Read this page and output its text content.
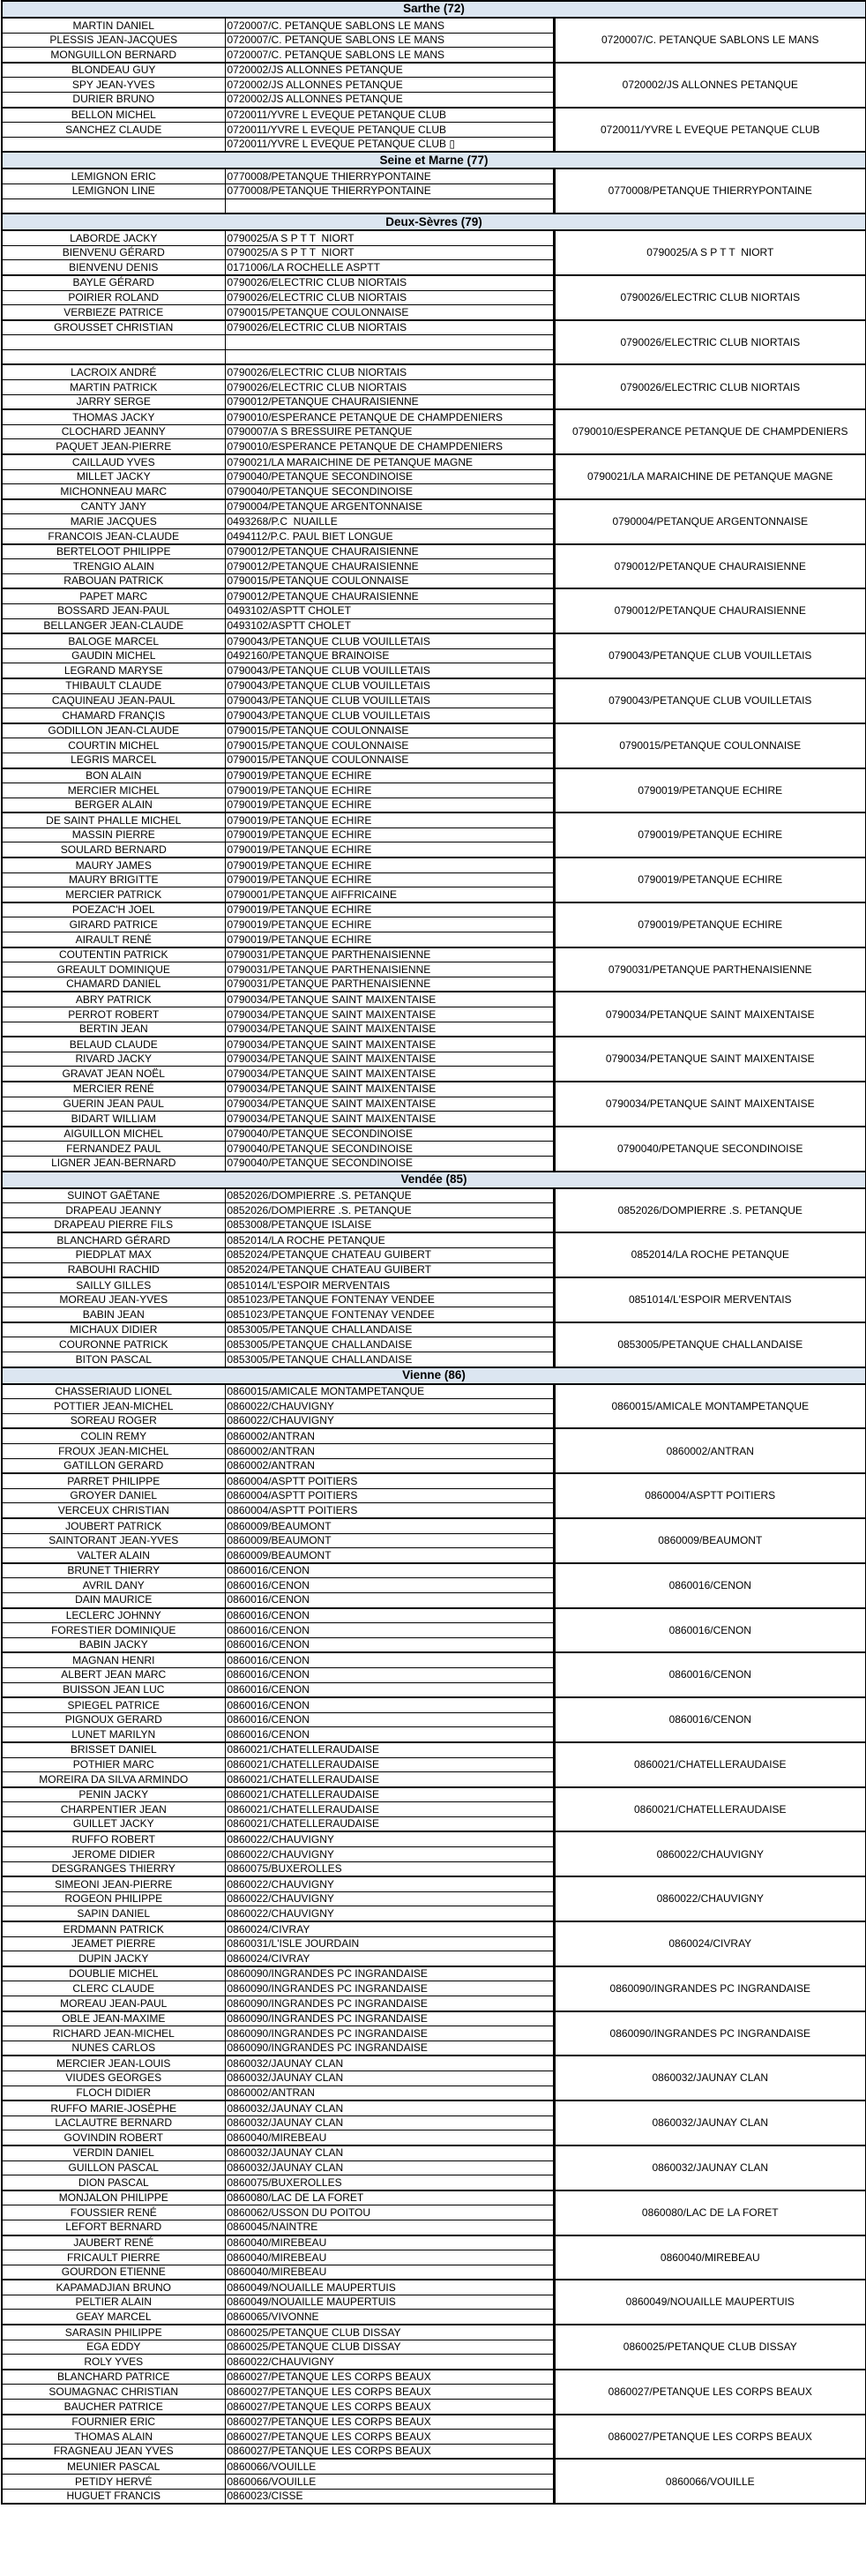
Sarthe (72)		
MARTIN DANIEL	0720007/C. PETANQUE SABLONS LE MANS	0720007/C. PETANQUE SABLONS LE MANS
PLESSIS JEAN-JACQUES	0720007/C. PETANQUE SABLONS LE MANS	
MONGUILLON BERNARD	0720007/C. PETANQUE SABLONS LE MANS	
BLONDEAU GUY	0720002/JS ALLONNES PETANQUE	0720002/JS ALLONNES PETANQUE
SPY JEAN-YVES	0720002/JS ALLONNES PETANQUE	
DURIER BRUNO	0720002/JS ALLONNES PETANQUE	
BELLON MICHEL	0720011/YVRE L EVEQUE PETANQUE CLUB	0720011/YVRE L EVEQUE PETANQUE CLUB
SANCHEZ CLAUDE	0720011/YVRE L EVEQUE PETANQUE CLUB	
	0720011/YVRE L EVEQUE PETANQUE CLUB ▯	
Seine et Marne (77)		
LEMIGNON ERIC	0770008/PETANQUE THIERRYPONTAINE	0770008/PETANQUE THIERRYPONTAINE
LEMIGNON LINE	0770008/PETANQUE THIERRYPONTAINE	

Deux-Sèvres (79)		
LABORDE JACKY	0790025/A S P T T  NIORT	0790025/A S P T T  NIORT
BIENVENU GÉRARD	0790025/A S P T T  NIORT	
BIENVENU DENIS	0171006/LA ROCHELLE ASPTT	
BAYLE GÉRARD	0790026/ELECTRIC CLUB NIORTAIS	0790026/ELECTRIC CLUB NIORTAIS
POIRIER ROLAND	0790026/ELECTRIC CLUB NIORTAIS	
VERBIEZE PATRICE	0790015/PETANQUE COULONNAISE	
GROUSSET CHRISTIAN	0790026/ELECTRIC CLUB NIORTAIS	0790026/ELECTRIC CLUB NIORTAIS

LACROIX ANDRÉ	0790026/ELECTRIC CLUB NIORTAIS	0790026/ELECTRIC CLUB NIORTAIS
MARTIN PATRICK	0790026/ELECTRIC CLUB NIORTAIS	
JARRY SERGE	0790012/PETANQUE CHAURAISIENNE	
THOMAS JACKY	0790010/ESPERANCE PETANQUE DE CHAMPDENIERS	0790010/ESPERANCE PETANQUE DE CHAMPDENIERS
CLOCHARD JEANNY	0790007/A S BRESSUIRE PETANQUE	
PAQUET JEAN-PIERRE	0790010/ESPERANCE PETANQUE DE CHAMPDENIERS	
CAILLAUD YVES	0790021/LA MARAICHINE DE PETANQUE MAGNE	0790021/LA MARAICHINE DE PETANQUE MAGNE
MILLET JACKY	0790040/PETANQUE SECONDINOISE	
MICHONNEAU MARC	0790040/PETANQUE SECONDINOISE	
CANTY JANY	0790004/PETANQUE ARGENTONNAISE	0790004/PETANQUE ARGENTONNAISE
MARIE JACQUES	0493268/P.C  NUAILLE	
FRANCOIS JEAN-CLAUDE	0494112/P.C. PAUL BIET LONGUE	
BERTELOOT PHILIPPE	0790012/PETANQUE CHAURAISIENNE	0790012/PETANQUE CHAURAISIENNE
TRENGIO ALAIN	0790012/PETANQUE CHAURAISIENNE	
RABOUAN PATRICK	0790015/PETANQUE COULONNAISE	
PAPET MARC	0790012/PETANQUE CHAURAISIENNE	0790012/PETANQUE CHAURAISIENNE
BOSSARD JEAN-PAUL	0493102/ASPTT CHOLET	
BELLANGER JEAN-CLAUDE	0493102/ASPTT CHOLET	
BALOGE MARCEL	0790043/PETANQUE CLUB VOUILLETAIS	0790043/PETANQUE CLUB VOUILLETAIS
GAUDIN MICHEL	0492160/PETANQUE BRAINOISE	
LEGRAND MARYSE	0790043/PETANQUE CLUB VOUILLETAIS	
THIBAULT CLAUDE	0790043/PETANQUE CLUB VOUILLETAIS	0790043/PETANQUE CLUB VOUILLETAIS
CAQUINEAU JEAN-PAUL	0790043/PETANQUE CLUB VOUILLETAIS	
CHAMARD FRANÇIS	0790043/PETANQUE CLUB VOUILLETAIS	
GODILLON JEAN-CLAUDE	0790015/PETANQUE COULONNAISE	0790015/PETANQUE COULONNAISE
COURTIN MICHEL	0790015/PETANQUE COULONNAISE	
LEGRIS MARCEL	0790015/PETANQUE COULONNAISE	
BON ALAIN	0790019/PETANQUE ECHIRE	0790019/PETANQUE ECHIRE
MERCIER MICHEL	0790019/PETANQUE ECHIRE	
BERGER ALAIN	0790019/PETANQUE ECHIRE	
DE SAINT PHALLE MICHEL	0790019/PETANQUE ECHIRE	0790019/PETANQUE ECHIRE
MASSIN PIERRE	0790019/PETANQUE ECHIRE	
SOULARD BERNARD	0790019/PETANQUE ECHIRE	
MAURY JAMES	0790019/PETANQUE ECHIRE	0790019/PETANQUE ECHIRE
MAURY BRIGITTE	0790019/PETANQUE ECHIRE	
MERCIER PATRICK	0790001/PETANQUE AIFFRICAINE	
POEZAC'H JOEL	0790019/PETANQUE ECHIRE	0790019/PETANQUE ECHIRE
GIRARD PATRICE	0790019/PETANQUE ECHIRE	
AIRAULT RENÉ	0790019/PETANQUE ECHIRE	
COUTENTIN PATRICK	0790031/PETANQUE PARTHENAISIENNE	0790031/PETANQUE PARTHENAISIENNE
GREAULT DOMINIQUE	0790031/PETANQUE PARTHENAISIENNE	
CHAMARD DANIEL	0790031/PETANQUE PARTHENAISIENNE	
ABRY PATRICK	0790034/PETANQUE SAINT MAIXENTAISE	0790034/PETANQUE SAINT MAIXENTAISE
PERROT ROBERT	0790034/PETANQUE SAINT MAIXENTAISE	
BERTIN JEAN	0790034/PETANQUE SAINT MAIXENTAISE	
BELAUD CLAUDE	0790034/PETANQUE SAINT MAIXENTAISE	0790034/PETANQUE SAINT MAIXENTAISE
RIVARD JACKY	0790034/PETANQUE SAINT MAIXENTAISE	
GRAVAT JEAN NOËL	0790034/PETANQUE SAINT MAIXENTAISE	
MERCIER RENÉ	0790034/PETANQUE SAINT MAIXENTAISE	0790034/PETANQUE SAINT MAIXENTAISE
GUERIN JEAN PAUL	0790034/PETANQUE SAINT MAIXENTAISE	
BIDART WILLIAM	0790034/PETANQUE SAINT MAIXENTAISE	
AIGUILLON MICHEL	0790040/PETANQUE SECONDINOISE	0790040/PETANQUE SECONDINOISE
FERNANDEZ PAUL	0790040/PETANQUE SECONDINOISE	
LIGNER JEAN-BERNARD	0790040/PETANQUE SECONDINOISE	
Vendée (85)		
SUINOT GAËTANE	0852026/DOMPIERRE .S. PETANQUE	0852026/DOMPIERRE .S. PETANQUE
DRAPEAU JEANNY	0852026/DOMPIERRE .S. PETANQUE	
DRAPEAU PIERRE FILS	0853008/PETANQUE ISLAISE	
BLANCHARD GÉRARD	0852014/LA ROCHE PETANQUE	0852014/LA ROCHE PETANQUE
PIEDPLAT MAX	0852024/PETANQUE CHATEAU GUIBERT	
RABOUHI RACHID	0852024/PETANQUE CHATEAU GUIBERT	
SAILLY GILLES	0851014/L'ESPOIR MERVENTAIS	0851014/L'ESPOIR MERVENTAIS
MOREAU JEAN-YVES	0851023/PETANQUE FONTENAY VENDEE	
BABIN JEAN	0851023/PETANQUE FONTENAY VENDEE	
MICHAUX DIDIER	0853005/PETANQUE CHALLANDAISE	0853005/PETANQUE CHALLANDAISE
COURONNE PATRICK	0853005/PETANQUE CHALLANDAISE	
BITON PASCAL	0853005/PETANQUE CHALLANDAISE	
Vienne (86)		
CHASSERIAUD LIONEL	0860015/AMICALE MONTAMPETANQUE	0860015/AMICALE MONTAMPETANQUE
POTTIER JEAN-MICHEL	0860022/CHAUVIGNY	
SOREAU ROGER	0860022/CHAUVIGNY	
COLIN REMY	0860002/ANTRAN	0860002/ANTRAN
FROUX JEAN-MICHEL	0860002/ANTRAN	
GATILLON GERARD	0860002/ANTRAN	
PARRET PHILIPPE	0860004/ASPTT POITIERS	0860004/ASPTT POITIERS
GROYER DANIEL	0860004/ASPTT POITIERS	
VERCEUX CHRISTIAN	0860004/ASPTT POITIERS	
JOUBERT PATRICK	0860009/BEAUMONT	0860009/BEAUMONT
SAINTORANT JEAN-YVES	0860009/BEAUMONT	
VALTER ALAIN	0860009/BEAUMONT	
BRUNET THIERRY	0860016/CENON	0860016/CENON
AVRIL DANY	0860016/CENON	
DAIN MAURICE	0860016/CENON	
LECLERC JOHNNY	0860016/CENON	0860016/CENON
FORESTIER DOMINIQUE	0860016/CENON	
BABIN JACKY	0860016/CENON	
MAGNAN HENRI	0860016/CENON	0860016/CENON
ALBERT JEAN MARC	0860016/CENON	
BUISSON JEAN LUC	0860016/CENON	
SPIEGEL PATRICE	0860016/CENON	0860016/CENON
PIGNOUX GERARD	0860016/CENON	
LUNET MARILYN	0860016/CENON	
BRISSET DANIEL	0860021/CHATELLERAUDAISE	0860021/CHATELLERAUDAISE
POTHIER MARC	0860021/CHATELLERAUDAISE	
MOREIRA DA SILVA ARMINDO	0860021/CHATELLERAUDAISE	
PENIN JACKY	0860021/CHATELLERAUDAISE	0860021/CHATELLERAUDAISE
CHARPENTIER JEAN	0860021/CHATELLERAUDAISE	
GUILLET JACKY	0860021/CHATELLERAUDAISE	
RUFFO ROBERT	0860022/CHAUVIGNY	0860022/CHAUVIGNY
JEROME DIDIER	0860022/CHAUVIGNY	
DESGRANGES THIERRY	0860075/BUXEROLLES	
SIMEONI JEAN-PIERRE	0860022/CHAUVIGNY	0860022/CHAUVIGNY
ROGEON PHILIPPE	0860022/CHAUVIGNY	
SAPIN DANIEL	0860022/CHAUVIGNY	
ERDMANN PATRICK	0860024/CIVRAY	0860024/CIVRAY
JEAMET PIERRE	0860031/L'ISLE JOURDAIN	
DUPIN JACKY	0860024/CIVRAY	
DOUBLIE MICHEL	0860090/INGRANDES PC INGRANDAISE	0860090/INGRANDES PC INGRANDAISE
CLERC CLAUDE	0860090/INGRANDES PC INGRANDAISE	
MOREAU JEAN-PAUL	0860090/INGRANDES PC INGRANDAISE	
OBLE JEAN-MAXIME	0860090/INGRANDES PC INGRANDAISE	0860090/INGRANDES PC INGRANDAISE
RICHARD JEAN-MICHEL	0860090/INGRANDES PC INGRANDAISE	
NUNES CARLOS	0860090/INGRANDES PC INGRANDAISE	
MERCIER JEAN-LOUIS	0860032/JAUNAY CLAN	0860032/JAUNAY CLAN
VIUDES GEORGES	0860032/JAUNAY CLAN	
FLOCH DIDIER	0860002/ANTRAN	
RUFFO MARIE-JOSÈPHE	0860032/JAUNAY CLAN	0860032/JAUNAY CLAN
LACLAUTRE BERNARD	0860032/JAUNAY CLAN	
GOVINDIN ROBERT	0860040/MIREBEAU	
VERDIN DANIEL	0860032/JAUNAY CLAN	0860032/JAUNAY CLAN
GUILLON PASCAL	0860032/JAUNAY CLAN	
DION PASCAL	0860075/BUXEROLLES	
MONJALON PHILIPPE	0860080/LAC DE LA FORET	0860080/LAC DE LA FORET
FOUSSIER RENÉ	0860062/USSON DU POITOU	
LEFORT BERNARD	0860045/NAINTRE	
JAUBERT RENÉ	0860040/MIREBEAU	0860040/MIREBEAU
FRICAULT PIERRE	0860040/MIREBEAU	
GOURDON ETIENNE	0860040/MIREBEAU	
KAPAMADJIAN BRUNO	0860049/NOUAILLE MAUPERTUIS	0860049/NOUAILLE MAUPERTUIS
PELTIER ALAIN	0860049/NOUAILLE MAUPERTUIS	
GEAY MARCEL	0860065/VIVONNE	
SARASIN PHILIPPE	0860025/PETANQUE CLUB DISSAY	0860025/PETANQUE CLUB DISSAY
EGA EDDY	0860025/PETANQUE CLUB DISSAY	
ROLY YVES	0860022/CHAUVIGNY	
BLANCHARD PATRICE	0860027/PETANQUE LES CORPS BEAUX	0860027/PETANQUE LES CORPS BEAUX
SOUMAGNAC CHRISTIAN	0860027/PETANQUE LES CORPS BEAUX	
BAUCHER PATRICE	0860027/PETANQUE LES CORPS BEAUX	
FOURNIER ERIC	0860027/PETANQUE LES CORPS BEAUX	0860027/PETANQUE LES CORPS BEAUX
THOMAS ALAIN	0860027/PETANQUE LES CORPS BEAUX	
FRAGNEAU JEAN YVES	0860027/PETANQUE LES CORPS BEAUX	
MEUNIER PASCAL	0860066/VOUILLE	0860066/VOUILLE
PETIDY HERVÉ	0860066/VOUILLE	
HUGUET FRANCIS	0860023/CISSE	
